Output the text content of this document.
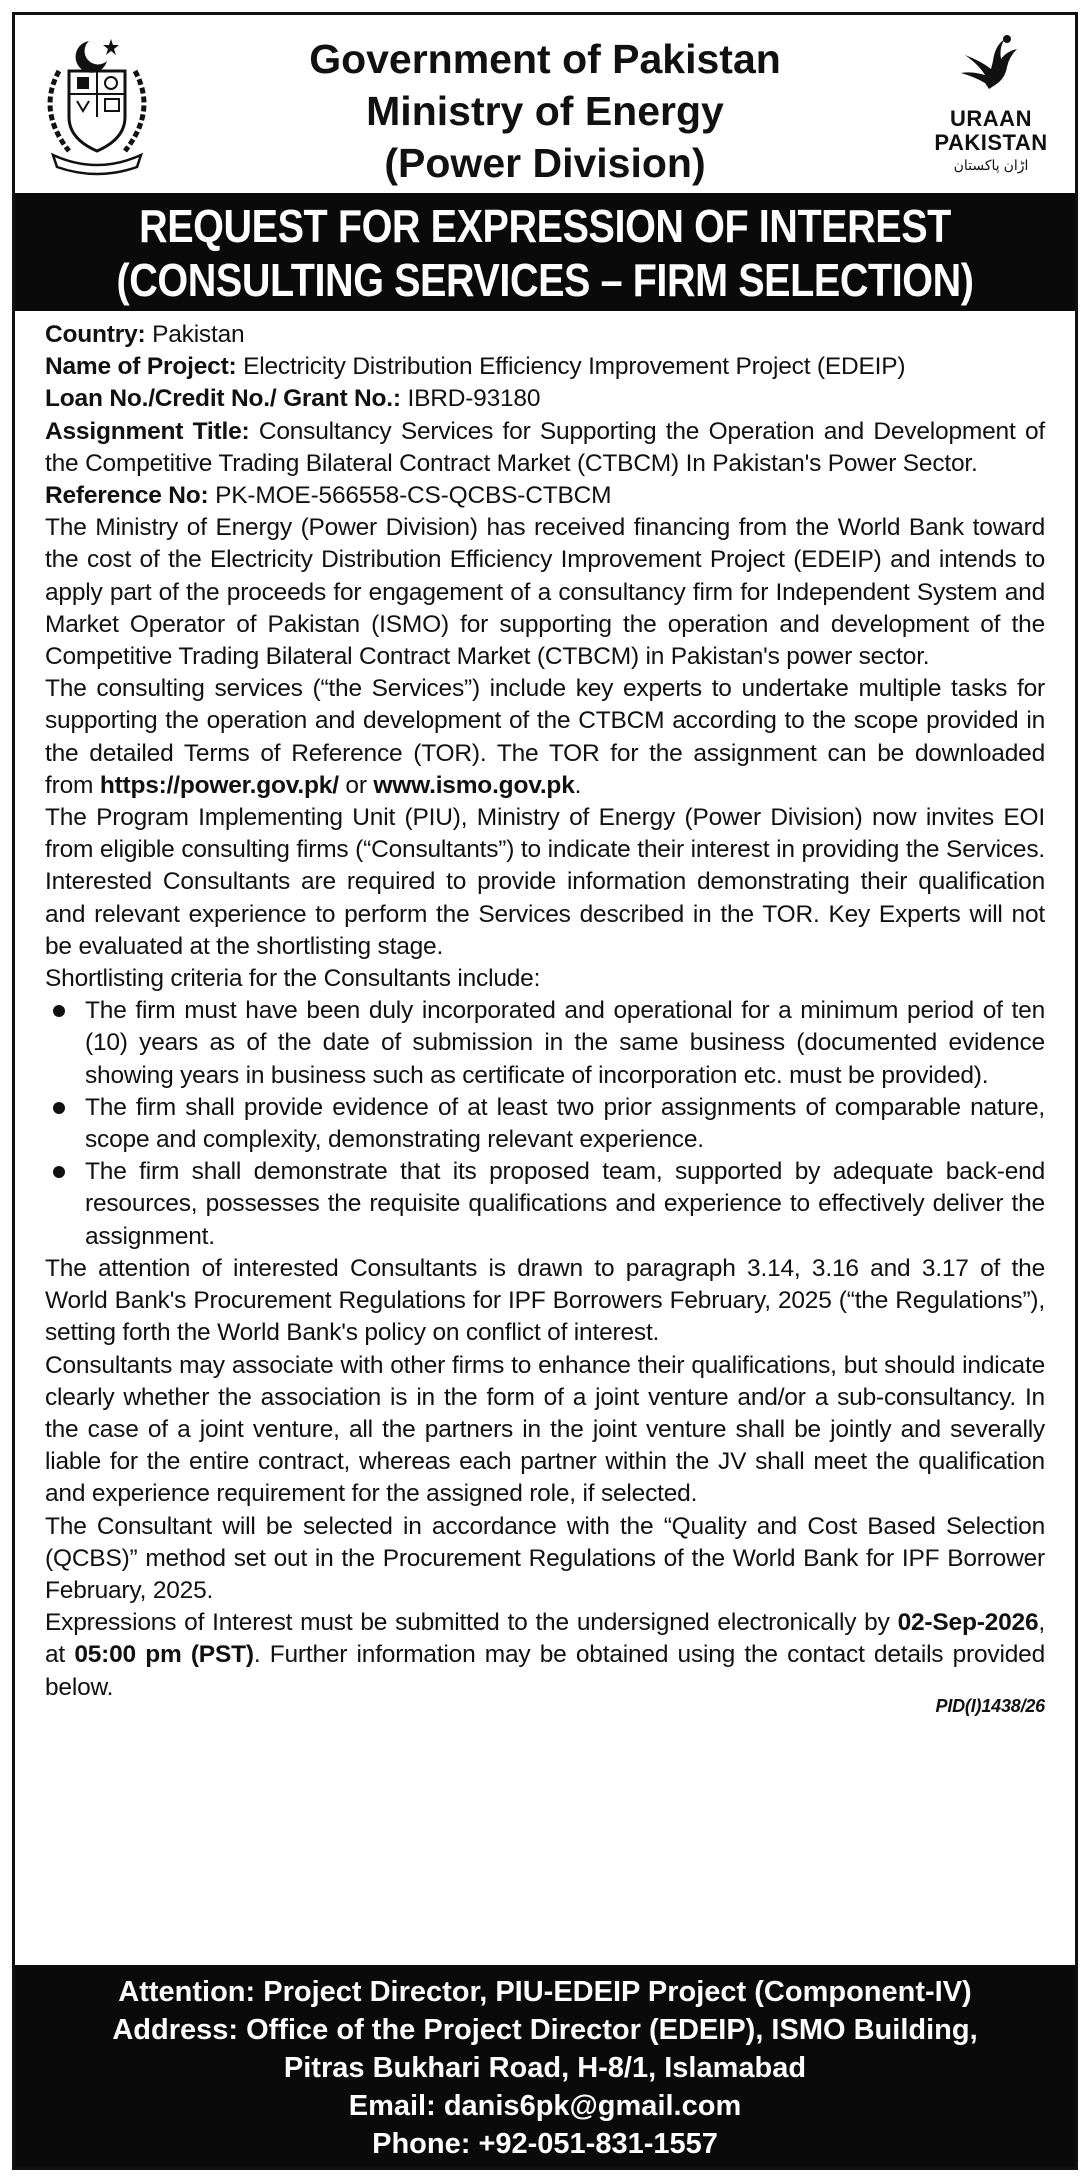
Government of Pakistan
Ministry of Energy
(Power Division)
URAAN
PAKISTAN
اڑان پاکستان
REQUEST FOR EXPRESSION OF INTEREST
(CONSULTING SERVICES – FIRM SELECTION)

Country: Pakistan

Name of Project: Electricity Distribution Efficiency Improvement Project (EDEIP)

Loan No./Credit No./ Grant No.: IBRD-93180

Assignment Title: Consultancy Services for Supporting the Operation and Development of the Competitive Trading Bilateral Contract Market (CTBCM) In Pakistan's Power Sector.

Reference No: PK-MOE-566558-CS-QCBS-CTBCM

The Ministry of Energy (Power Division) has received financing from the World Bank toward the cost of the Electricity Distribution Efficiency Improvement Project (EDEIP) and intends to apply part of the proceeds for engagement of a consultancy firm for Independent System and Market Operator of Pakistan (ISMO) for supporting the operation and development of the Competitive Trading Bilateral Contract Market (CTBCM) in Pakistan's power sector.

The consulting services (“the Services”) include key experts to undertake multiple tasks for supporting the operation and development of the CTBCM according to the scope provided in the detailed Terms of Reference (TOR). The TOR for the assignment can be downloaded from https://power.gov.pk/ or www.ismo.gov.pk.

The Program Implementing Unit (PIU), Ministry of Energy (Power Division) now invites EOI from eligible consulting firms (“Consultants”) to indicate their interest in providing the Services. Interested Consultants are required to provide information demonstrating their qualification and relevant experience to perform the Services described in the TOR. Key Experts will not be evaluated at the shortlisting stage.

Shortlisting criteria for the Consultants include:

The firm must have been duly incorporated and operational for a minimum period of ten (10) years as of the date of submission in the same business (documented evidence showing years in business such as certificate of incorporation etc. must be provided).
The firm shall provide evidence of at least two prior assignments of comparable nature, scope and complexity, demonstrating relevant experience.
The firm shall demonstrate that its proposed team, supported by adequate back-end resources, possesses the requisite qualifications and experience to effectively deliver the assignment.

The attention of interested Consultants is drawn to paragraph 3.14, 3.16 and 3.17 of the World Bank's Procurement Regulations for IPF Borrowers February, 2025 (“the Regulations”), setting forth the World Bank's policy on conflict of interest.

Consultants may associate with other firms to enhance their qualifications, but should indicate clearly whether the association is in the form of a joint venture and/or a sub-consultancy. In the case of a joint venture, all the partners in the joint venture shall be jointly and severally liable for the entire contract, whereas each partner within the JV shall meet the qualification and experience requirement for the assigned role, if selected.

The Consultant will be selected in accordance with the “Quality and Cost Based Selection (QCBS)” method set out in the Procurement Regulations of the World Bank for IPF Borrower February, 2025.

Expressions of Interest must be submitted to the undersigned electronically by 02-Sep-2026, at 05:00 pm (PST). Further information may be obtained using the contact details provided below.

PID(I)1438/26
Attention: Project Director, PIU-EDEIP Project (Component-IV)
Address: Office of the Project Director (EDEIP), ISMO Building,
Pitras Bukhari Road, H-8/1, Islamabad
Email: danis6pk@gmail.com
Phone: +92-051-831-1557
